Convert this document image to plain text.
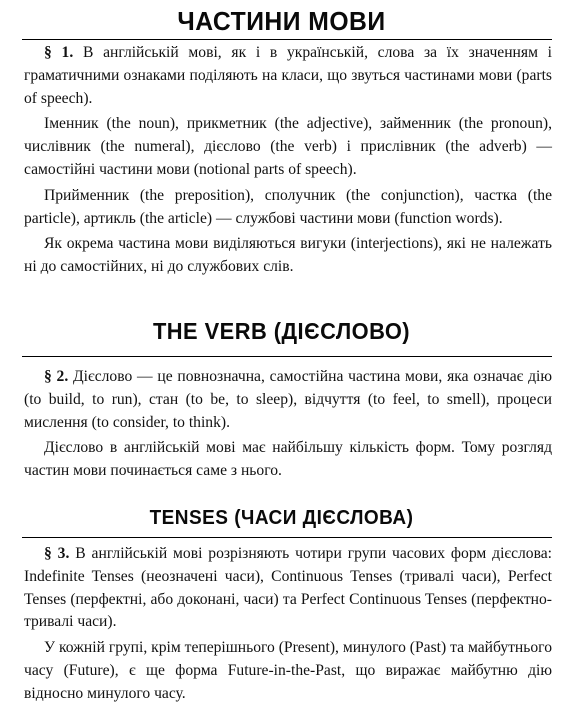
ЧАСТИНИ МОВИ

§ 1. В англійській мові, як і в українській, слова за їх значенням і граматичними ознаками поділяють на класи, що звуться частинами мови (parts of speech).

Іменник (the noun), прикметник (the adjective), займенник (the pronoun), числівник (the numeral), дієслово (the verb) і прислівник (the adverb) — самостійні частини мови (notional parts of speech).

Прийменник (the preposition), сполучник (the conjunction), частка (the particle), артикль (the article) — службові частини мови (function words).

Як окрема частина мови виділяються вигуки (interjections), які не належать ні до самостійних, ні до службових слів.

THE VERB (ДІЄСЛОВО)

§ 2. Дієслово — це повнозначна, самостійна частина мови, яка означає дію (to build, to run), стан (to be, to sleep), відчуття (to feel, to smell), процеси мислення (to consider, to think).

Дієслово в англійській мові має найбільшу кількість форм. Тому розгляд частин мови починається саме з нього.

TENSES (ЧАСИ ДІЄСЛОВА)

§ 3. В англійській мові розрізняють чотири групи часових форм дієслова: Indefinite Tenses (неозначені часи), Continuous Tenses (тривалі часи), Perfect Tenses (перфектні, або доконані, часи) та Perfect Continuous Tenses (перфектно-тривалі часи).

У кожній групі, крім теперішнього (Present), минулого (Past) та майбутнього часу (Future), є ще форма Future-in-the-Past, що виражає майбутню дію відносно минулого часу.
